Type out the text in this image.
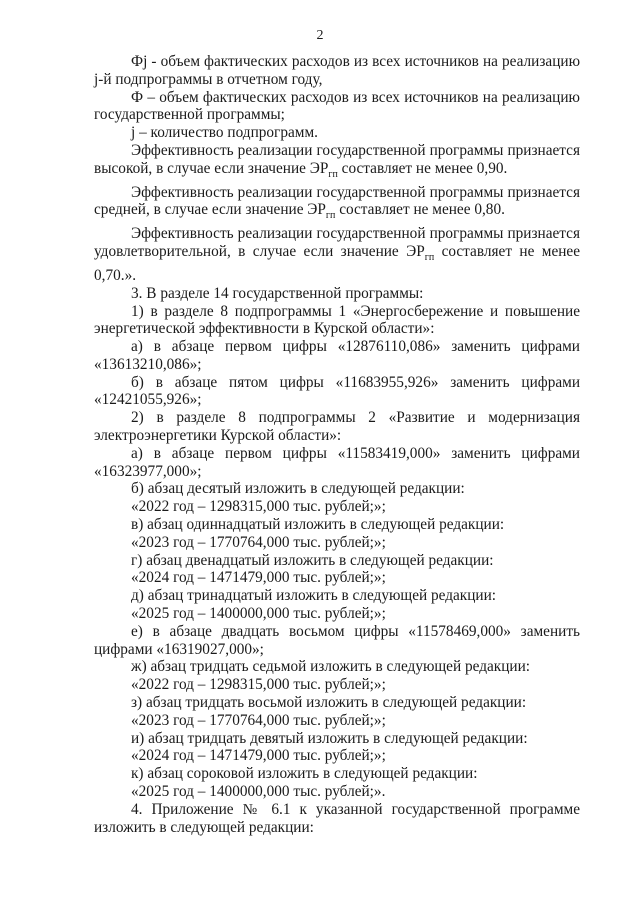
2
Фj - объем фактических расходов из всех источников на реализацию
j-й подпрограммы в отчетном году,
Ф – объем фактических расходов из всех источников на реализацию
государственной программы;
j – количество подпрограмм.
Эффективность реализации государственной программы признается
высокой, в случае если значение $ЭР_{гп}$ составляет не менее 0,90.
Эффективность реализации государственной программы признается
средней, в случае если значение $ЭР_{гп}$ составляет не менее 0,80.
Эффективность реализации государственной программы признается
удовлетворительной, в случае если значение $ЭР_{гп}$ составляет не менее
0,70.».
3. В разделе 14 государственной программы:
1) в разделе 8 подпрограммы 1 «Энергосбережение и повышение
энергетической эффективности в Курской области»:
а) в абзаце первом цифры «12876110,086» заменить цифрами
«13613210,086»;
б) в абзаце пятом цифры «11683955,926» заменить цифрами
«12421055,926»;
2) в разделе 8 подпрограммы 2 «Развитие и модернизация
электроэнергетики Курской области»:
а) в абзаце первом цифры «11583419,000» заменить цифрами
«16323977,000»;
б) абзац десятый изложить в следующей редакции:
«2022 год – 1298315,000 тыс. рублей;»;
в) абзац одиннадцатый изложить в следующей редакции:
«2023 год – 1770764,000 тыс. рублей;»;
г) абзац двенадцатый изложить в следующей редакции:
«2024 год – 1471479,000 тыс. рублей;»;
д) абзац тринадцатый изложить в следующей редакции:
«2025 год – 1400000,000 тыс. рублей;»;
е) в абзаце двадцать восьмом цифры «11578469,000» заменить
цифрами «16319027,000»;
ж) абзац тридцать седьмой изложить в следующей редакции:
«2022 год – 1298315,000 тыс. рублей;»;
з) абзац тридцать восьмой изложить в следующей редакции:
«2023 год – 1770764,000 тыс. рублей;»;
и) абзац тридцать девятый изложить в следующей редакции:
«2024 год – 1471479,000 тыс. рублей;»;
к) абзац сороковой изложить в следующей редакции:
«2025 год – 1400000,000 тыс. рублей;».
4. Приложение № 6.1 к указанной государственной программе
изложить в следующей редакции:
